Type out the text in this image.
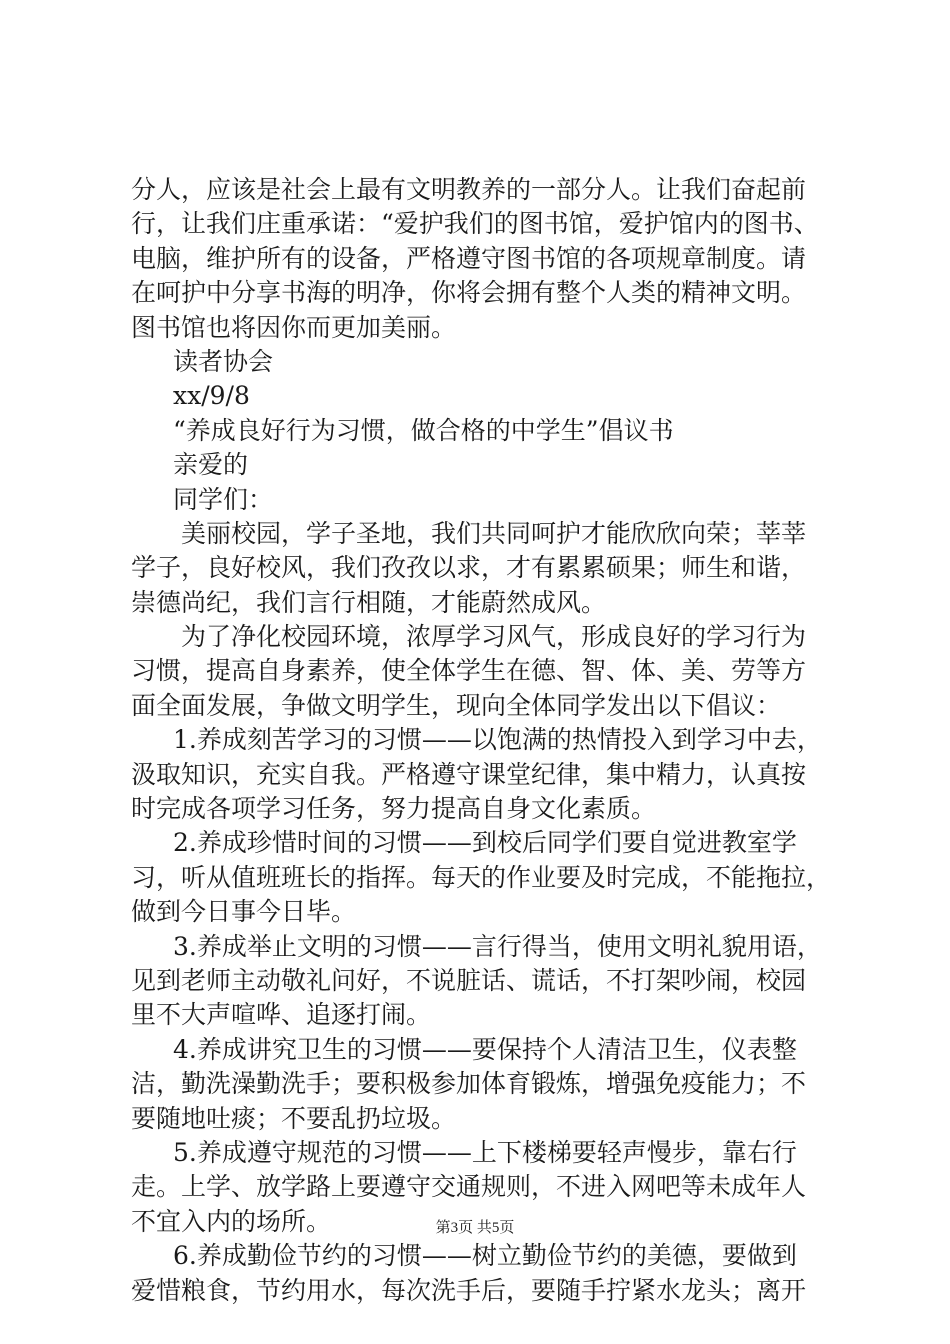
分人，应该是社会上最有文明教养的一部分人。让我们奋起前
行，让我们庄重承诺：“爱护我们的图书馆，爱护馆内的图书、
电脑，维护所有的设备，严格遵守图书馆的各项规章制度。请
在呵护中分享书海的明净，你将会拥有整个人类的精神文明。
图书馆也将因你而更加美丽。
读者协会
xx/9/8
“养成良好行为习惯，做合格的中学生”倡议书
亲爱的
同学们：
美丽校园，学子圣地，我们共同呵护才能欣欣向荣；莘莘
学子，良好校风，我们孜孜以求，才有累累硕果；师生和谐，
崇德尚纪，我们言行相随，才能蔚然成风。
为了净化校园环境，浓厚学习风气，形成良好的学习行为
习惯，提高自身素养，使全体学生在德、智、体、美、劳等方
面全面发展，争做文明学生，现向全体同学发出以下倡议：
1.养成刻苦学习的习惯——以饱满的热情投入到学习中去，
汲取知识，充实自我。严格遵守课堂纪律，集中精力，认真按
时完成各项学习任务，努力提高自身文化素质。
2.养成珍惜时间的习惯——到校后同学们要自觉进教室学
习，听从值班班长的指挥。每天的作业要及时完成，不能拖拉，
做到今日事今日毕。
3.养成举止文明的习惯——言行得当，使用文明礼貌用语，
见到老师主动敬礼问好，不说脏话、谎话，不打架吵闹，校园
里不大声喧哗、追逐打闹。
4.养成讲究卫生的习惯——要保持个人清洁卫生，仪表整
洁，勤洗澡勤洗手；要积极参加体育锻炼，增强免疫能力；不
要随地吐痰；不要乱扔垃圾。
5.养成遵守规范的习惯——上下楼梯要轻声慢步，靠右行
走。上学、放学路上要遵守交通规则，不进入网吧等未成年人
不宜入内的场所。
6.养成勤俭节约的习惯——树立勤俭节约的美德，要做到
爱惜粮食，节约用水，每次洗手后，要随手拧紧水龙头；离开
第3页 共5页
